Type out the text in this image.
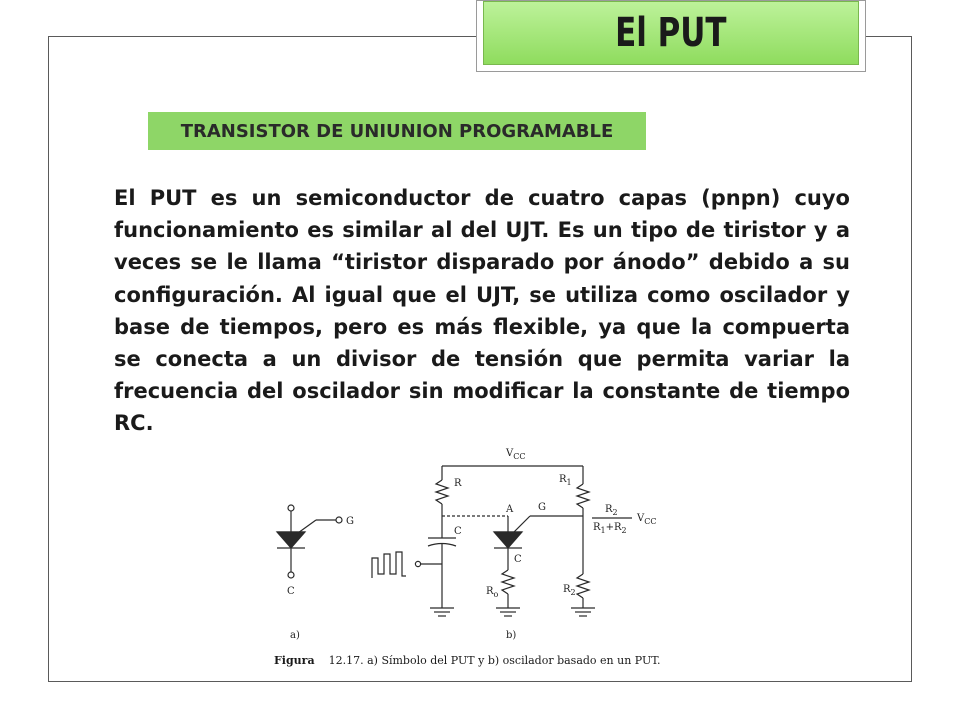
El PUT
TRANSISTOR DE UNIUNION PROGRAMABLE

El PUT es un semiconductor de cuatro capas (pnpn) cuyo funcionamiento es similar al del UJT. Es un tipo de tiristor y a veces se le llama “tiristor disparado por ánodo” debido a su configuración. Al igual que el UJT, se utiliza como oscilador y base de tiempos, pero es más flexible, ya que la compuerta se conecta a un divisor de tensión que permita variar la frecuencia del oscilador sin modificar la constante de tiempo RC.

G
C
a)	b)
$V_{CC}$
R
C
A G
C
$R_1$
$R_o$	$R_2$
$R_2$
$R_1+R_2$
$V_{CC}$
Figura 12.17. a) Símbolo del PUT y b) oscilador basado en un PUT.
